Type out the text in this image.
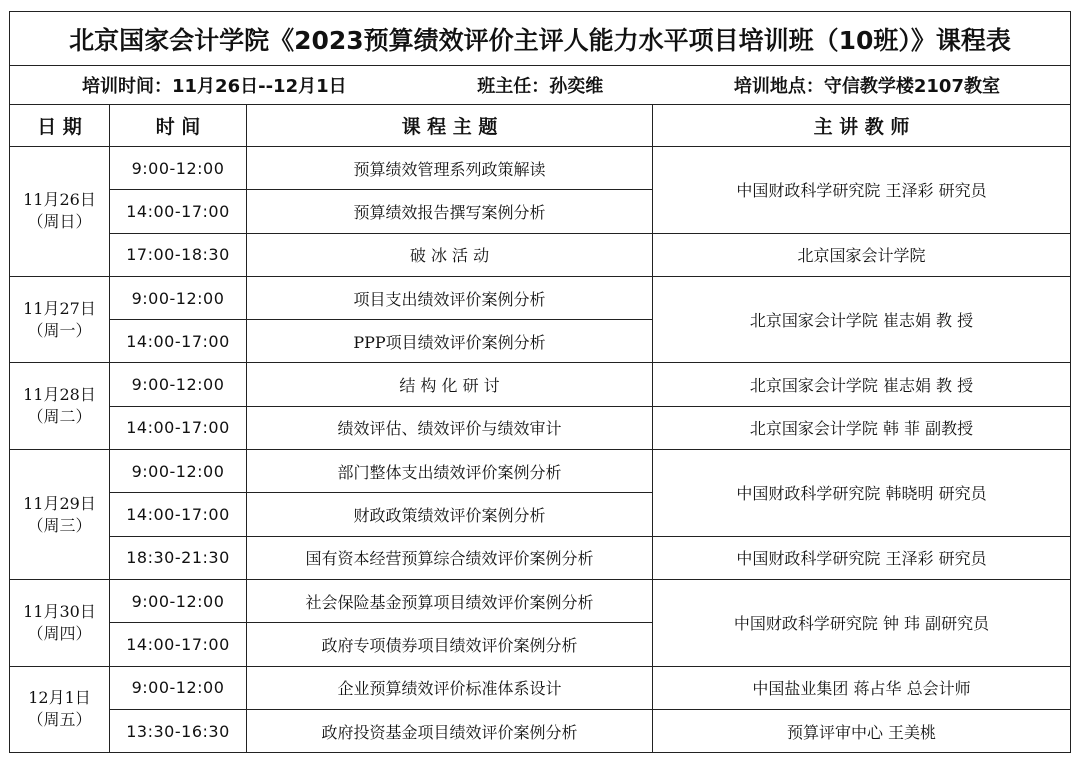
北京国家会计学院《2023预算绩效评价主评人能力水平项目培训班（10班）》课程表			

培训时间：11月26日--12月1日 班主任：孙奕维 培训地点：守信教学楼2107教室			

日 期	时 间	课 程 主 题	主 讲 教 师

11月26日
（周日）	9:00-12:00	预算绩效管理系列政策解读	中国财政科学研究院 王泽彩 研究员
	14:00-17:00	预算绩效报告撰写案例分析	
	17:00-18:30	破 冰 活 动	北京国家会计学院

11月27日
（周一）	9:00-12:00	项目支出绩效评价案例分析	北京国家会计学院 崔志娟 教 授
	14:00-17:00	PPP项目绩效评价案例分析	

11月28日
（周二）	9:00-12:00	结 构 化 研 讨	北京国家会计学院 崔志娟 教 授
	14:00-17:00	绩效评估、绩效评价与绩效审计	北京国家会计学院 韩 菲 副教授

11月29日
（周三）	9:00-12:00	部门整体支出绩效评价案例分析	中国财政科学研究院 韩晓明 研究员
	14:00-17:00	财政政策绩效评价案例分析	
	18:30-21:30	国有资本经营预算综合绩效评价案例分析	中国财政科学研究院 王泽彩 研究员

11月30日
（周四）	9:00-12:00	社会保险基金预算项目绩效评价案例分析	中国财政科学研究院 钟 玮 副研究员
	14:00-17:00	政府专项债券项目绩效评价案例分析	

12月1日
（周五）	9:00-12:00	企业预算绩效评价标准体系设计	中国盐业集团 蒋占华 总会计师
	13:30-16:30	政府投资基金项目绩效评价案例分析	预算评审中心 王美桃
